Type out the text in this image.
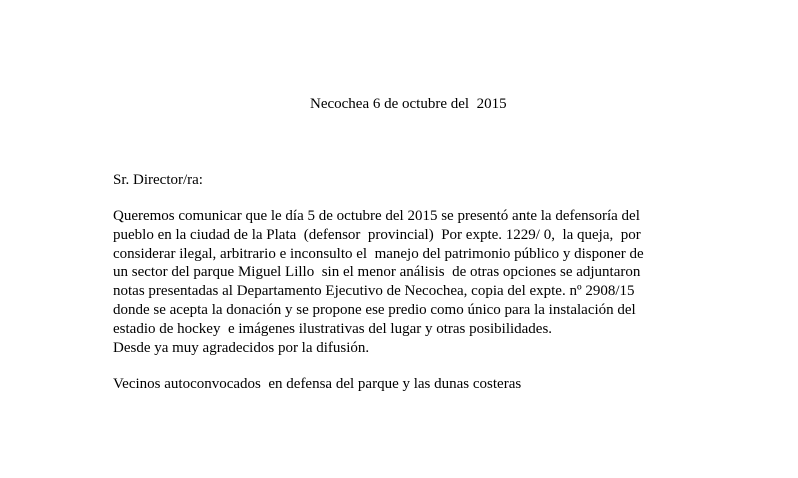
Necochea 6 de octubre del  2015
Sr. Director/ra:
Queremos comunicar que le día 5 de octubre del 2015 se presentó ante la defensoría del
pueblo en la ciudad de la Plata  (defensor  provincial)  Por expte. 1229/ 0,  la queja,  por
considerar ilegal, arbitrario e inconsulto el  manejo del patrimonio público y disponer de
un sector del parque Miguel Lillo  sin el menor análisis  de otras opciones se adjuntaron
notas presentadas al Departamento Ejecutivo de Necochea, copia del expte. nº 2908/15
donde se acepta la donación y se propone ese predio como único para la instalación del
estadio de hockey  e imágenes ilustrativas del lugar y otras posibilidades.
Desde ya muy agradecidos por la difusión.
Vecinos autoconvocados  en defensa del parque y las dunas costeras
